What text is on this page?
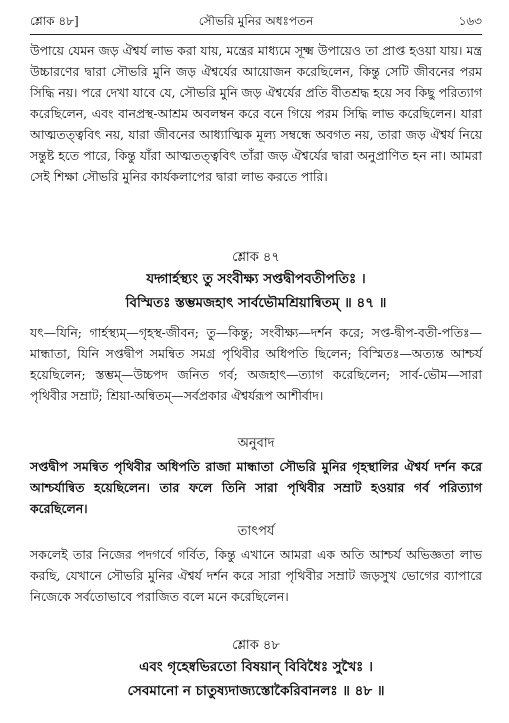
শ্লোক ৪৮]	সৌভরি মুনির অধঃপতন	১৬৩
উপায়ে যেমন জড় ঐশ্বর্য লাভ করা যায়, মন্ত্রের মাধ্যমে সূক্ষ্ম উপায়েও তা প্রাপ্ত হওয়া যায়। মন্ত্র উচ্চারণের দ্বারা সৌভরি মুনি জড় ঐশ্বর্যের আয়োজন করেছিলেন, কিন্তু সেটি জীবনের পরম সিদ্ধি নয়। পরে দেখা যাবে যে, সৌভরি মুনি জড় ঐশ্বর্যের প্রতি বীতশ্রদ্ধ হয়ে সব কিছু পরিত্যাগ করেছিলেন, এবং বানপ্রস্থ-আশ্রম অবলম্বন করে বনে গিয়ে পরম সিদ্ধি লাভ করেছিলেন। যারা আত্মতত্ত্ববিৎ নয়, যারা জীবনের আধ্যাত্মিক মূল্য সম্বন্ধে অবগত নয়, তারা জড় ঐশ্বর্য নিয়ে সন্তুষ্ট হতে পারে, কিন্তু যাঁরা আত্মতত্ত্ববিৎ তাঁরা জড় ঐশ্বর্যের দ্বারা অনুপ্রাণিত হন না। আমরা সেই শিক্ষা সৌভরি মুনির কার্যকলাপের দ্বারা লাভ করতে পারি।
শ্লোক ৪৭
যদ্গার্হস্থ্যং তু সংবীক্ষ্য সপ্তদ্বীপবতীপতিঃ ।
বিস্মিতঃ স্তম্ভমজহাৎ সার্বভৌমশ্রিয়ান্বিতম্ ॥ ৪৭ ॥
যৎ—যিনি; গার্হস্থ্যম্—গৃহস্থ-জীবন; তু—কিন্তু; সংবীক্ষ্য—দর্শন করে; সপ্ত-দ্বীপ-বতী-পতিঃ—মান্ধাতা, যিনি সপ্তদ্বীপ সমন্বিত সমগ্র পৃথিবীর অধিপতি ছিলেন; বিস্মিতঃ—অত্যন্ত আশ্চর্য হয়েছিলেন; স্তম্ভম্—উচ্চপদ জনিত গর্ব; অজহাৎ—ত্যাগ করেছিলেন; সার্ব-ভৌম—সারা পৃথিবীর সম্রাট; শ্রিয়া-অন্বিতম্—সর্বপ্রকার ঐশ্বর্যরূপ আশীর্বাদ।
অনুবাদ
সপ্তদ্বীপ সমন্বিত পৃথিবীর অধিপতি রাজা মান্ধাতা সৌভরি মুনির গৃহস্থালির ঐশ্বর্য দর্শন করে আশ্চর্যান্বিত হয়েছিলেন। তার ফলে তিনি সারা পৃথিবীর সম্রাট হওয়ার গর্ব পরিত্যাগ করেছিলেন।
তাৎপর্য
সকলেই তার নিজের পদগর্বে গর্বিত, কিন্তু এখানে আমরা এক অতি আশ্চর্য অভিজ্ঞতা লাভ করছি, যেখানে সৌভরি মুনির ঐশ্বর্য দর্শন করে সারা পৃথিবীর সম্রাট জড়সুখ ভোগের ব্যাপারে নিজেকে সর্বতোভাবে পরাজিত বলে মনে করেছিলেন।
শ্লোক ৪৮
এবং গৃহেষ্বভিরতো বিষয়ান্ বিবিধৈঃ সুখৈঃ ।
সেবমানো ন চাতুষ্যদাজ্যস্তোকৈরিবানলঃ ॥ ৪৮ ॥
